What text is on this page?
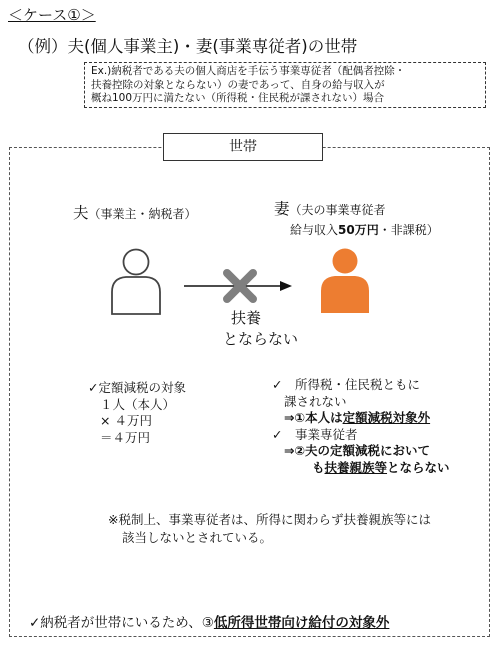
＜ケース①＞
（例）夫(個人事業主)・妻(事業専従者)の世帯
Ex.)納税者である夫の個人商店を手伝う事業専従者（配偶者控除・
扶養控除の対象とならない）の妻であって、自身の給与収入が
概ね100万円に満たない（所得税・住民税が課されない）場合
世帯
夫（事業主・納税者）	妻（夫の事業専従者
給与収入50万円・非課税）
扶養
とならない
✓定額減税の対象
１人（本人）
× ４万円
＝４万円
✓　所得税・住民税ともに
課されない
⇒①本人は定額減税対象外
✓　事業専従者
⇒②夫の定額減税において
も扶養親族等とならない
※税制上、事業専従者は、所得に関わらず扶養親族等には
該当しないとされている。
✓納税者が世帯にいるため、③低所得世帯向け給付の対象外
